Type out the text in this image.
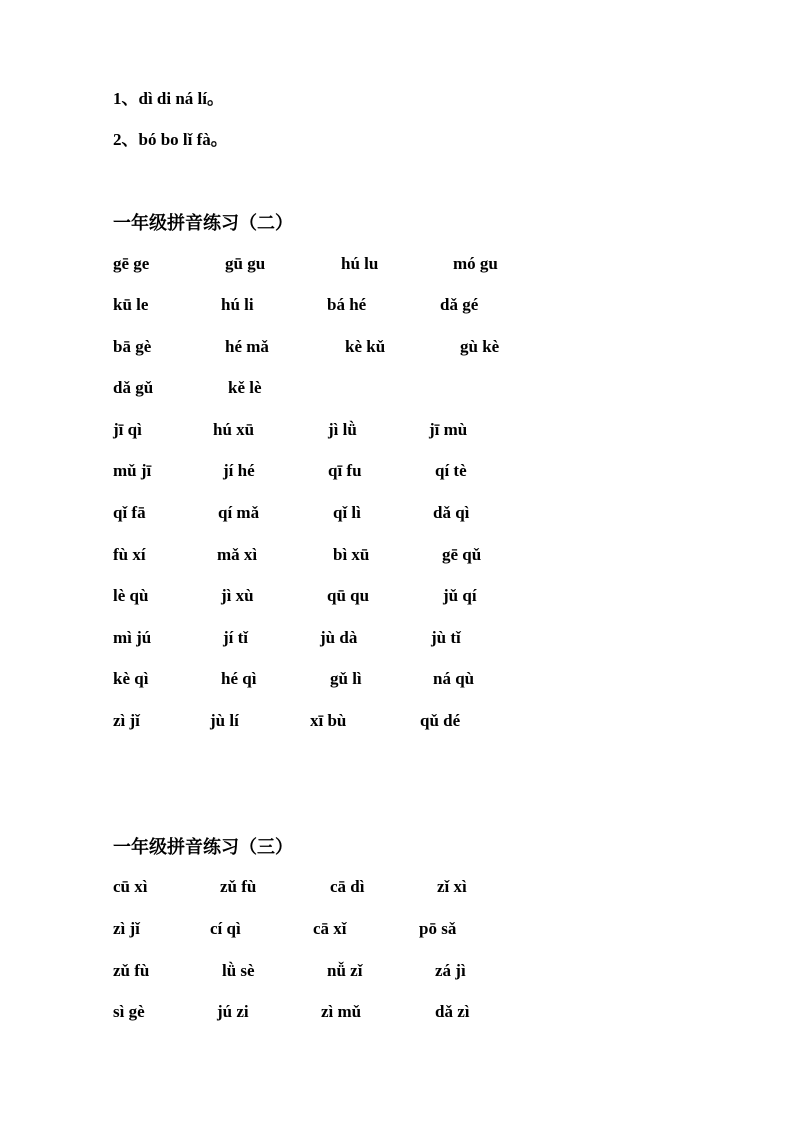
1、dì di ná lí。
2、bó bo lǐ fà。
一年级拼音练习（二）
gē ge	gū gu	hú lu	mó gu
kū le	hú li	bá hé	dǎ gé
bā gè	hé mǎ	kè kǔ	gù kè
dǎ gǔ	kě lè
jī qì	hú xū	jì lǜ	jī mù
mǔ jī	jí hé	qī fu	qí tè
qǐ fā	qí mǎ	qǐ lì	dǎ qì
fù xí	mǎ xì	bì xū	gē qǔ
lè qù	jì xù	qū qu	jǔ qí
mì jú	jí tǐ	jù dà	jù tǐ
kè qì	hé qì	gǔ lì	ná qù
zì jǐ	jù lí	xī bù	qǔ dé
一年级拼音练习（三）
cū xì	zǔ fù	cā dì	zǐ xì
zì jǐ	cí qì	cā xǐ	pō sǎ
zǔ fù	lǜ sè	nǚ zǐ	zá jì
sì gè	jú zi	zì mǔ	dǎ zì
